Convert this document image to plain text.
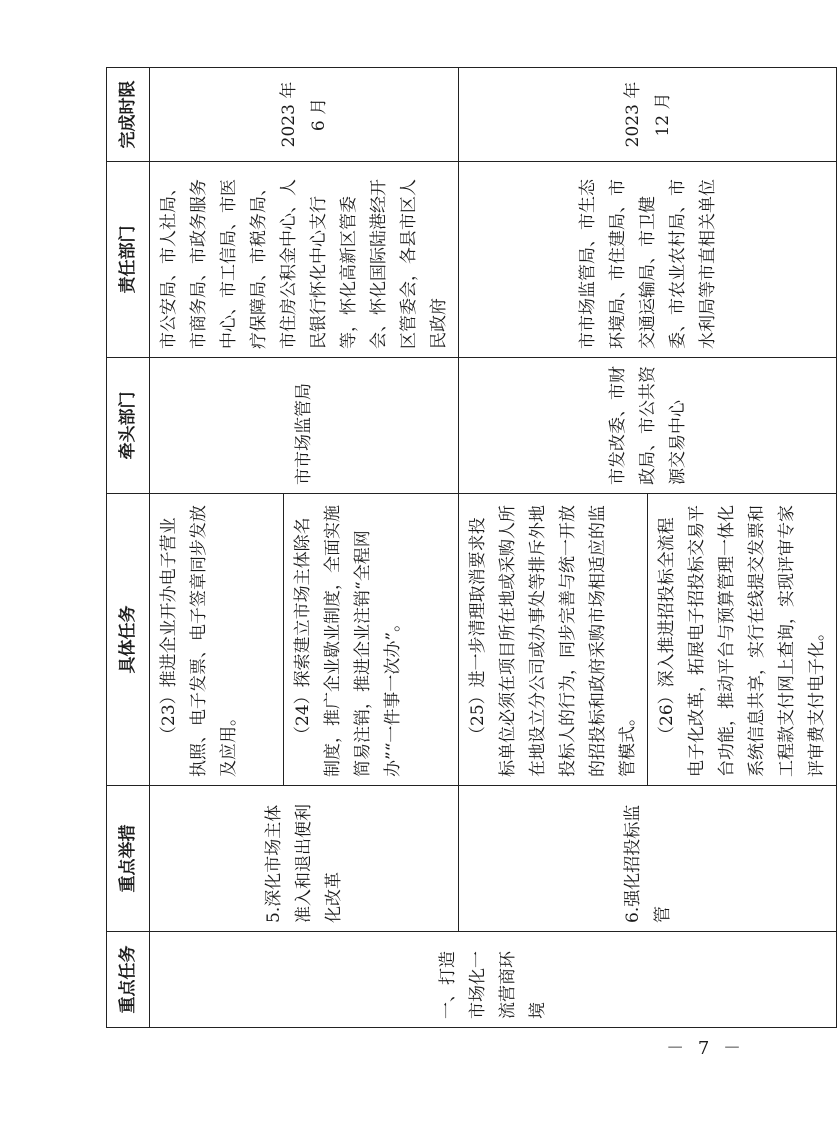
重点任务	重点举措	具体任务	牵头部门	责任部门	完成时限
一、打造市场化一流营商环境	5.深化市场主体准入和退出便利化改革	（23）推进企业开办电子营业执照、电子发票、电子签章同步发放及应用。	市市场监管局	市公安局、市人社局、市商务局、市政务服务中心、市工信局、市医疗保障局、市税务局、市住房公积金中心、人民银行怀化中心支行等，怀化高新区管委会、怀化国际陆港经开区管委会，各县市区人民政府	2023 年 6 月
		（24）探索建立市场主体除名制度，推广企业歇业制度，全面实施简易注销，推进企业注销“全程网办”“一件事一次办”。			
	6.强化招投标监管	（25）进一步清理取消要求投标单位必须在项目所在地或采购人所在地设立分公司或办事处等排斥外地投标人的行为，同步完善与统一开放的招投标和政府采购市场相适应的监管模式。	市发改委、市财政局、市公共资源交易中心	市市场监管局、市生态环境局、市住建局、市交通运输局、市卫健委、市农业农村局、市水利局等市直相关单位	2023 年 12 月
		（26）深入推进招投标全流程电子化改革，拓展电子招投标交易平台功能，推动平台与预算管理一体化系统信息共享，实行在线提交发票和工程款支付网上查询，实现评审专家评审费支付电子化。			
－ 7 －
